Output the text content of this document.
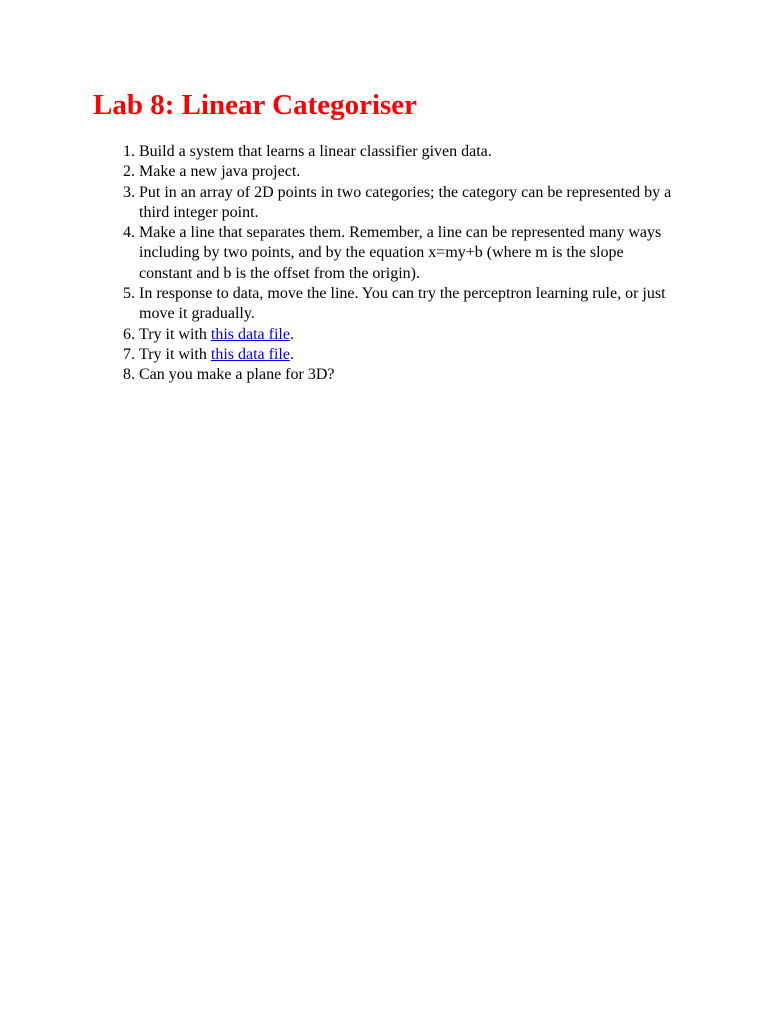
Lab 8: Linear Categoriser
1. Build a system that learns a linear classifier given data.
2. Make a new java project.
3. Put in an array of 2D points in two categories; the category can be represented by a third integer point.
4. Make a line that separates them. Remember, a line can be represented many ways including by two points, and by the equation x=my+b (where m is the slope constant and b is the offset from the origin).
5. In response to data, move the line. You can try the perceptron learning rule, or just move it gradually.
6. Try it with this data file.
7. Try it with this data file.
8. Can you make a plane for 3D?
